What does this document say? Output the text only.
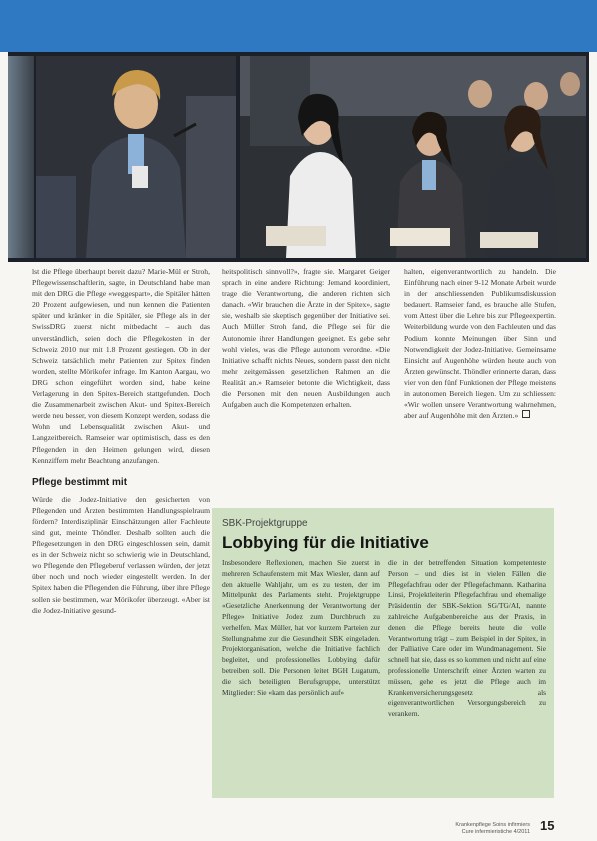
lst die Pflege überhaupt bereit dazu? Marie-Mül er Stroh, Pflegewissenschaftlerin, sagte, in Deutschland habe man mit den DRG die Pflege «weggespart», die Spitäler hätten 20 Prozent aufgewiesen, und nun kennen die Patienten später und kränker in die Spitäler, sie Pflege als in der SwissDRG zuerst nicht mitbedacht – auch das unverständlich, seien doch die Pflegekosten in der Schweiz 2010 nur mit 1.8 Prozent gestiegen. Ob in der Schweiz tatsächlich mehr Patienten zur Spitex finden worden, stellte Mörikofer infrage. Im Kanton Aargau, wo DRG schon eingeführt worden sind, habe keine Verlagerung in den Spitex-Bereich stattgefunden. Doch die Zusammenarbeit zwischen Akut- und Spitex-Bereich werde neu besser, von diesem Konzept werden, sodass die Wohn und Lebensqualität zwischen Akut- und Langzeitbereich. Ramseier war optimistisch, dass es den Pflegenden in den Heimen gelungen wird, diesen Kennziffern mehr Beachtung anzufangen.

Pflege bestimmt mit

Würde die Jodez-Initiative den gesicherten von Pflegenden und Ärzten bestimmten Handlungsspielraum fördern? Interdisziplinär Einschätzungen aller Fachleute sind gut, meinte Thöndler. Deshalb sollten auch die Pflegesetzungen in den DRG eingeschlossen sein, damit es in der Schweiz nicht so schwierig wie in Deutschland, wo Pflegende den Pflegeberuf verlassen würden, der jetzt über noch und noch wieder eingestellt werden. In der Spitex haben die Pflegenden die Führung, über ihre Pflege sollen sie bestimmen, war Mörikofer überzeugt. «Aber ist die Jodez-Initiative gesund-

heitspolitisch sinnvoll?», fragte sie. Margaret Geiger sprach in eine andere Richtung: Jemand koordiniert, trage die Verantwortung, die anderen richten sich danach. «Wir brauchen die Ärzte in der Spitex», sagte sie, weshalb sie skeptisch gegenüber der Initiative sei. Auch Müller Stroh fand, die Pflege sei für die Autonomie ihrer Handlungen geeignet. Es gebe sehr wohl vieles, was die Pflege autonom verordne. «Die Initiative schafft nichts Neues, sondern passt den nicht mehr zeitgemässen gesetzlichen Rahmen an die Realität an.» Ramseier betonte die Wichtigkeit, dass die Personen mit den neuen Ausbildungen auch Aufgaben auch die Kompetenzen erhalten.

halten, eigenverantwortlich zu handeln. Die Einführung nach einer 9-12 Monate Arbeit wurde in der anschliessenden Publikumsdiskussion bedauert. Ramseier fand, es brauche alle Stufen, vom Attest über die Lehre bis zur Pflegeexpertin. Weiterbildung wurde von den Fachleuten und das Podium konnte Meinungen über Sinn und Notwendigkeit der Jodez-Initiative. Gemeinsame Einsicht auf Augenhöhe würden heute auch von Ärzten gewünscht. Thöndler erinnerte daran, dass vier von den fünf Funktionen der Pflege meistens in autonomen Bereich liegen. Um zu schliessen: «Wir wollen unsere Verantwortung wahrnehmen, aber auf Augenhöhe mit den Ärzten.»

SBK-Projektgruppe
Lobbying für die Initiative

Insbesondere Reflexionen, machen Sie zuerst in mehreren Schaufenstern mit Max Wiesler, dann auf den aktuelle Wahljahr, um es zu testen, der im Mittelpunkt des Parlaments steht. Projektgruppe «Gesetzliche Anerkennung der Verantwortung der Pflege» Initiative Jodez zum Durchbruch zu verhelfen. Max Müller, hat vor kurzem Parteien zur Stellungnahme zur die Gesundheit SBK eingeladen. Projektorganisation, welche die Initiative fachlich begleitet, und professionelles Lobbying dafür betreiben soll. Die Personen leitet BGH Lugatum, die sich beteiligten Berufsgruppe, unterstützt Mitglieder: Sie «kam das persönlich auf»

die in der betreffenden Situation kompetenteste Person – und dies ist in vielen Fällen die Pflegefachfrau oder der Pflegefachmann. Katharina Linsi, Projektleiterin Pflegefachfrau und ehemalige Präsidentin der SBK-Sektion SG/TG/AI, nannte zahlreiche Aufgabenbereiche aus der Praxis, in denen die Pflege bereits heute die volle Verantwortung trägt – zum Beispiel in der Spitex, in der Palliative Care oder im Wundmanagement. Sie schnell hat sie, dass es so kommen und nicht auf eine professionelle Unterschrift einer Ärzten warten zu müssen, gehe es jetzt die Pflege auch im Krankenversicherungsgesetz als eigenverantwortlichen Versorgungsbereich zu verankern.

Krankenpflege Soins infirmiers
Cure infermieristiche 4/2011 15
